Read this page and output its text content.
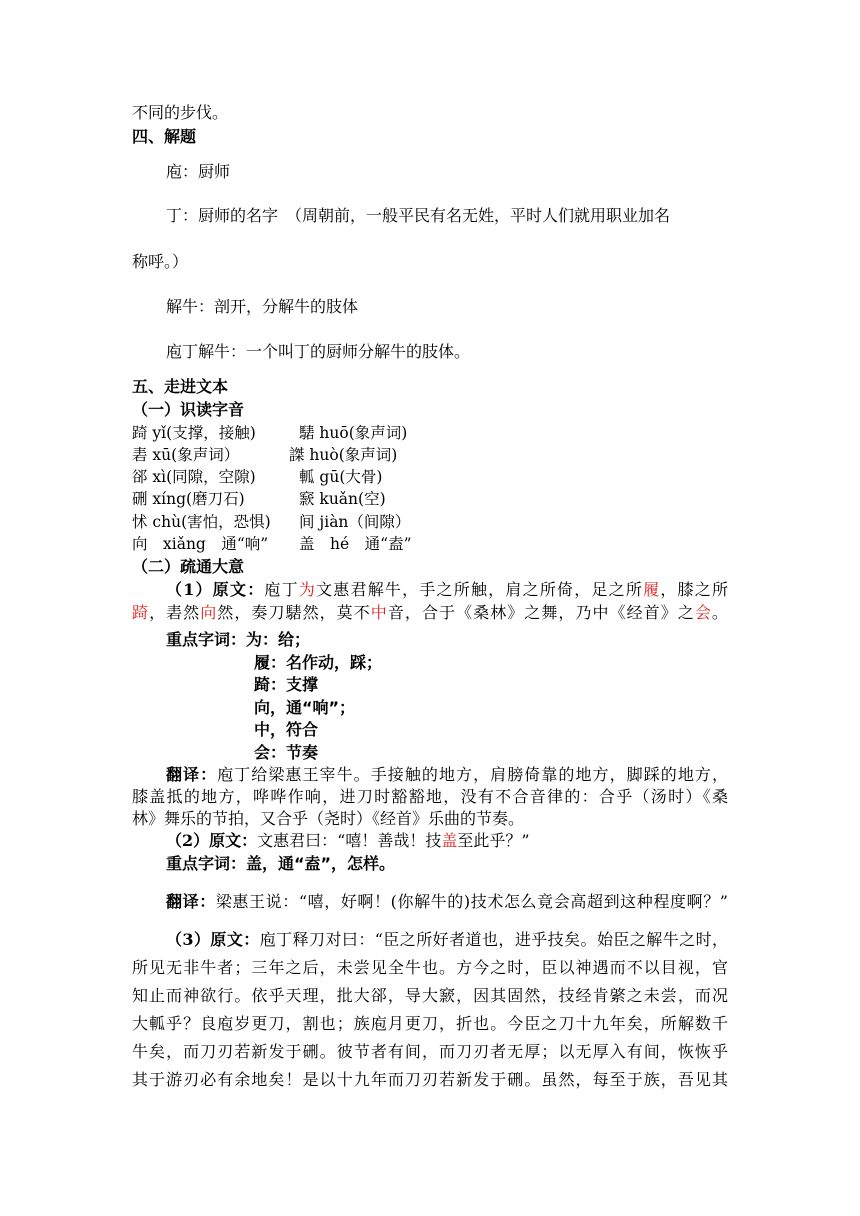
不同的步伐。
四、解题
庖：厨师
丁：厨师的名字　（周朝前，一般平民有名无姓，平时人们就用职业加名
称呼。）
解牛：剖开，分解牛的肢体
庖丁解牛：一个叫丁的厨师分解牛的肢体。
五、走进文本
（一）识读字音
踦 yǐ(支撑，接触)	騞 huō(象声词)
砉 xū(象声词）	謋 huò(象声词)
郤 xì(同隙，空隙)	軱 gū(大骨)
硎 xíng(磨刀石)	窾 kuǎn(空)
怵 chù(害怕，恐惧) 间 jiàn（间隙）
向　xiǎng　通“响” 盖　hé　通“盍”
（二）疏通大意
（1）原文：庖丁为文惠君解牛，手之所触，肩之所倚，足之所履，膝之所
踦，砉然向然，奏刀騞然，莫不中音，合于《桑林》之舞，乃中《经首》之会。
重点字词： 为：给；
履：名作动，踩；
踦：支撑
向，通“响”；
中，符合
会：节奏
翻译：庖丁给梁惠王宰牛。手接触的地方，肩膀倚靠的地方，脚踩的地方，
膝盖抵的地方，哗哗作响，进刀时豁豁地，没有不合音律的：合乎（汤时）《桑
林》舞乐的节拍，又合乎（尧时）《经首》乐曲的节奏。
（2）原文：文惠君曰：“嘻！善哉！技盖至此乎？”
重点字词：盖，通“盍”，怎样。
翻译：梁惠王说：“嘻，好啊！(你解牛的)技术怎么竟会高超到这种程度啊？”
（3）原文：庖丁释刀对曰：“臣之所好者道也，进乎技矣。始臣之解牛之时，
所见无非牛者；三年之后，未尝见全牛也。方今之时，臣以神遇而不以目视，官
知止而神欲行。依乎天理，批大郤，导大窾，因其固然，技经肯綮之未尝，而况
大軱乎？良庖岁更刀，割也；族庖月更刀，折也。今臣之刀十九年矣，所解数千
牛矣，而刀刃若新发于硎。彼节者有间，而刀刃者无厚；以无厚入有间，恢恢乎
其于游刃必有余地矣！是以十九年而刀刃若新发于硎。虽然，每至于族，吾见其
